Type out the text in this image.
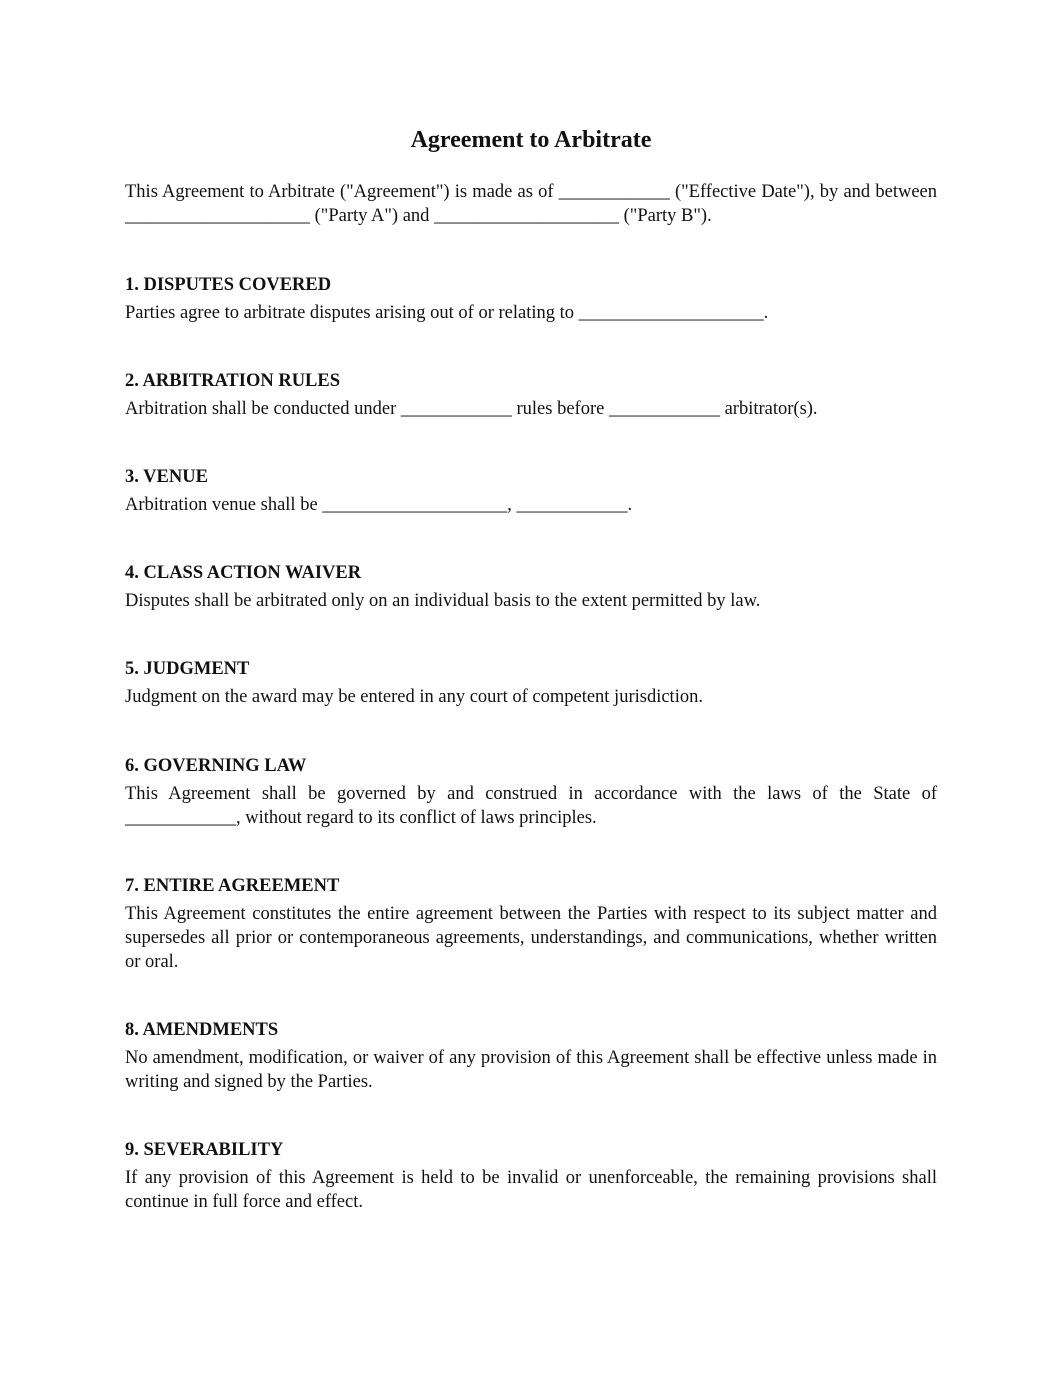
Agreement to Arbitrate

This Agreement to Arbitrate ("Agreement") is made as of ____________ ("Effective Date"), by and between ____________________ ("Party A") and ____________________ ("Party B").

1. DISPUTES COVERED

Parties agree to arbitrate disputes arising out of or relating to ____________________.

2. ARBITRATION RULES

Arbitration shall be conducted under ____________ rules before ____________ arbitrator(s).

3. VENUE

Arbitration venue shall be ____________________, ____________.

4. CLASS ACTION WAIVER

Disputes shall be arbitrated only on an individual basis to the extent permitted by law.

5. JUDGMENT

Judgment on the award may be entered in any court of competent jurisdiction.

6. GOVERNING LAW

This Agreement shall be governed by and construed in accordance with the laws of the State of ____________, without regard to its conflict of laws principles.

7. ENTIRE AGREEMENT

This Agreement constitutes the entire agreement between the Parties with respect to its subject matter and supersedes all prior or contemporaneous agreements, understandings, and communications, whether written or oral.

8. AMENDMENTS

No amendment, modification, or waiver of any provision of this Agreement shall be effective unless made in writing and signed by the Parties.

9. SEVERABILITY

If any provision of this Agreement is held to be invalid or unenforceable, the remaining provisions shall continue in full force and effect.
